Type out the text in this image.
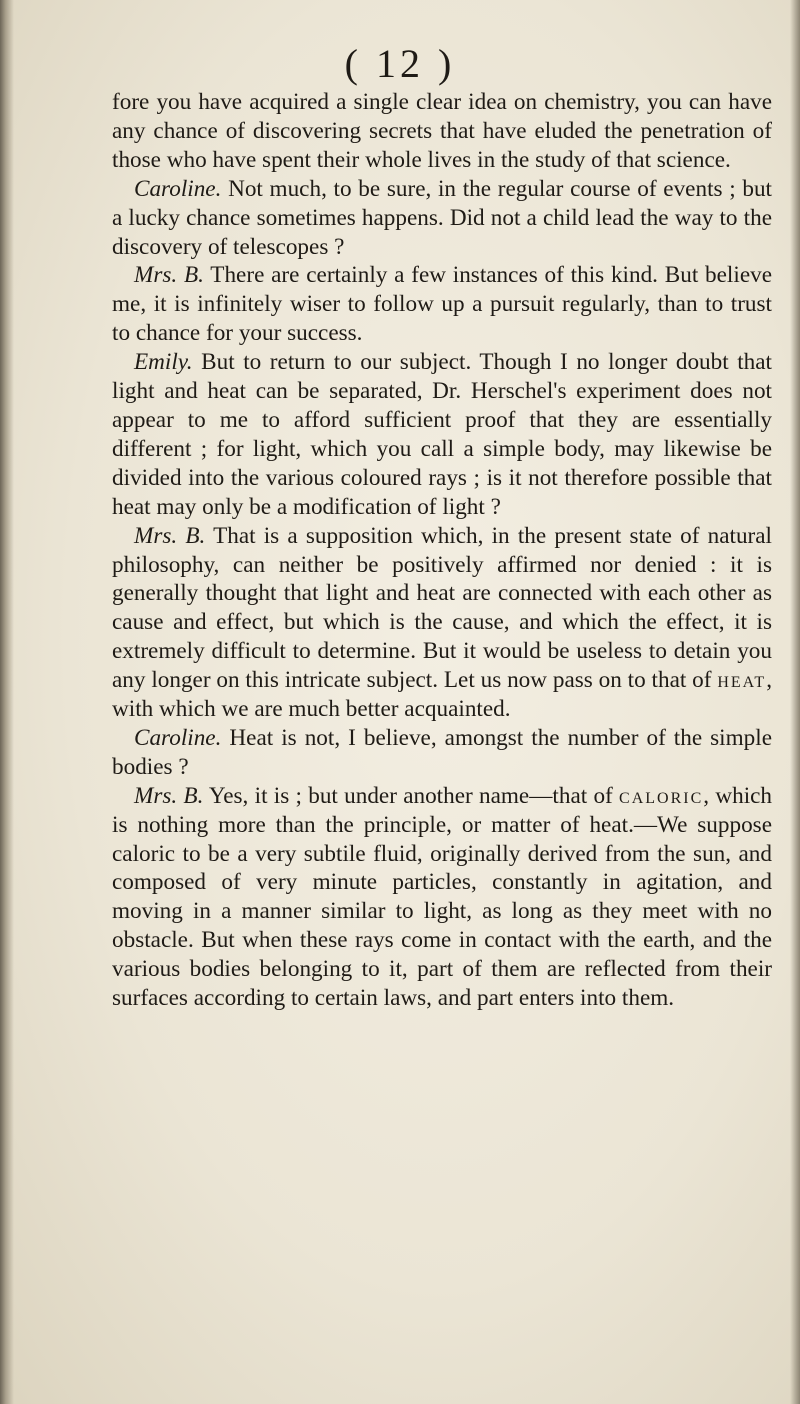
( 12 )

fore you have acquired a single clear idea on chemistry, you can have any chance of discovering secrets that have eluded the penetration of those who have spent their whole lives in the study of that science.

Caroline. Not much, to be sure, in the regular course of events ; but a lucky chance sometimes happens. Did not a child lead the way to the discovery of telescopes ?

Mrs. B. There are certainly a few instances of this kind. But believe me, it is infinitely wiser to follow up a pursuit regularly, than to trust to chance for your success.

Emily. But to return to our subject. Though I no longer doubt that light and heat can be separated, Dr. Herschel's experiment does not appear to me to afford sufficient proof that they are essentially different ; for light, which you call a simple body, may likewise be divided into the various coloured rays ; is it not therefore possible that heat may only be a modification of light ?

Mrs. B. That is a supposition which, in the present state of natural philosophy, can neither be positively affirmed nor denied : it is generally thought that light and heat are connected with each other as cause and effect, but which is the cause, and which the effect, it is extremely difficult to determine. But it would be useless to detain you any longer on this intricate subject. Let us now pass on to that of heat, with which we are much better acquainted.

Caroline. Heat is not, I believe, amongst the number of the simple bodies ?

Mrs. B. Yes, it is ; but under another name—that of caloric, which is nothing more than the principle, or matter of heat.—We suppose caloric to be a very subtile fluid, originally derived from the sun, and composed of very minute particles, constantly in agitation, and moving in a manner similar to light, as long as they meet with no obstacle. But when these rays come in contact with the earth, and the various bodies belonging to it, part of them are reflected from their surfaces according to certain laws, and part enters into them.
